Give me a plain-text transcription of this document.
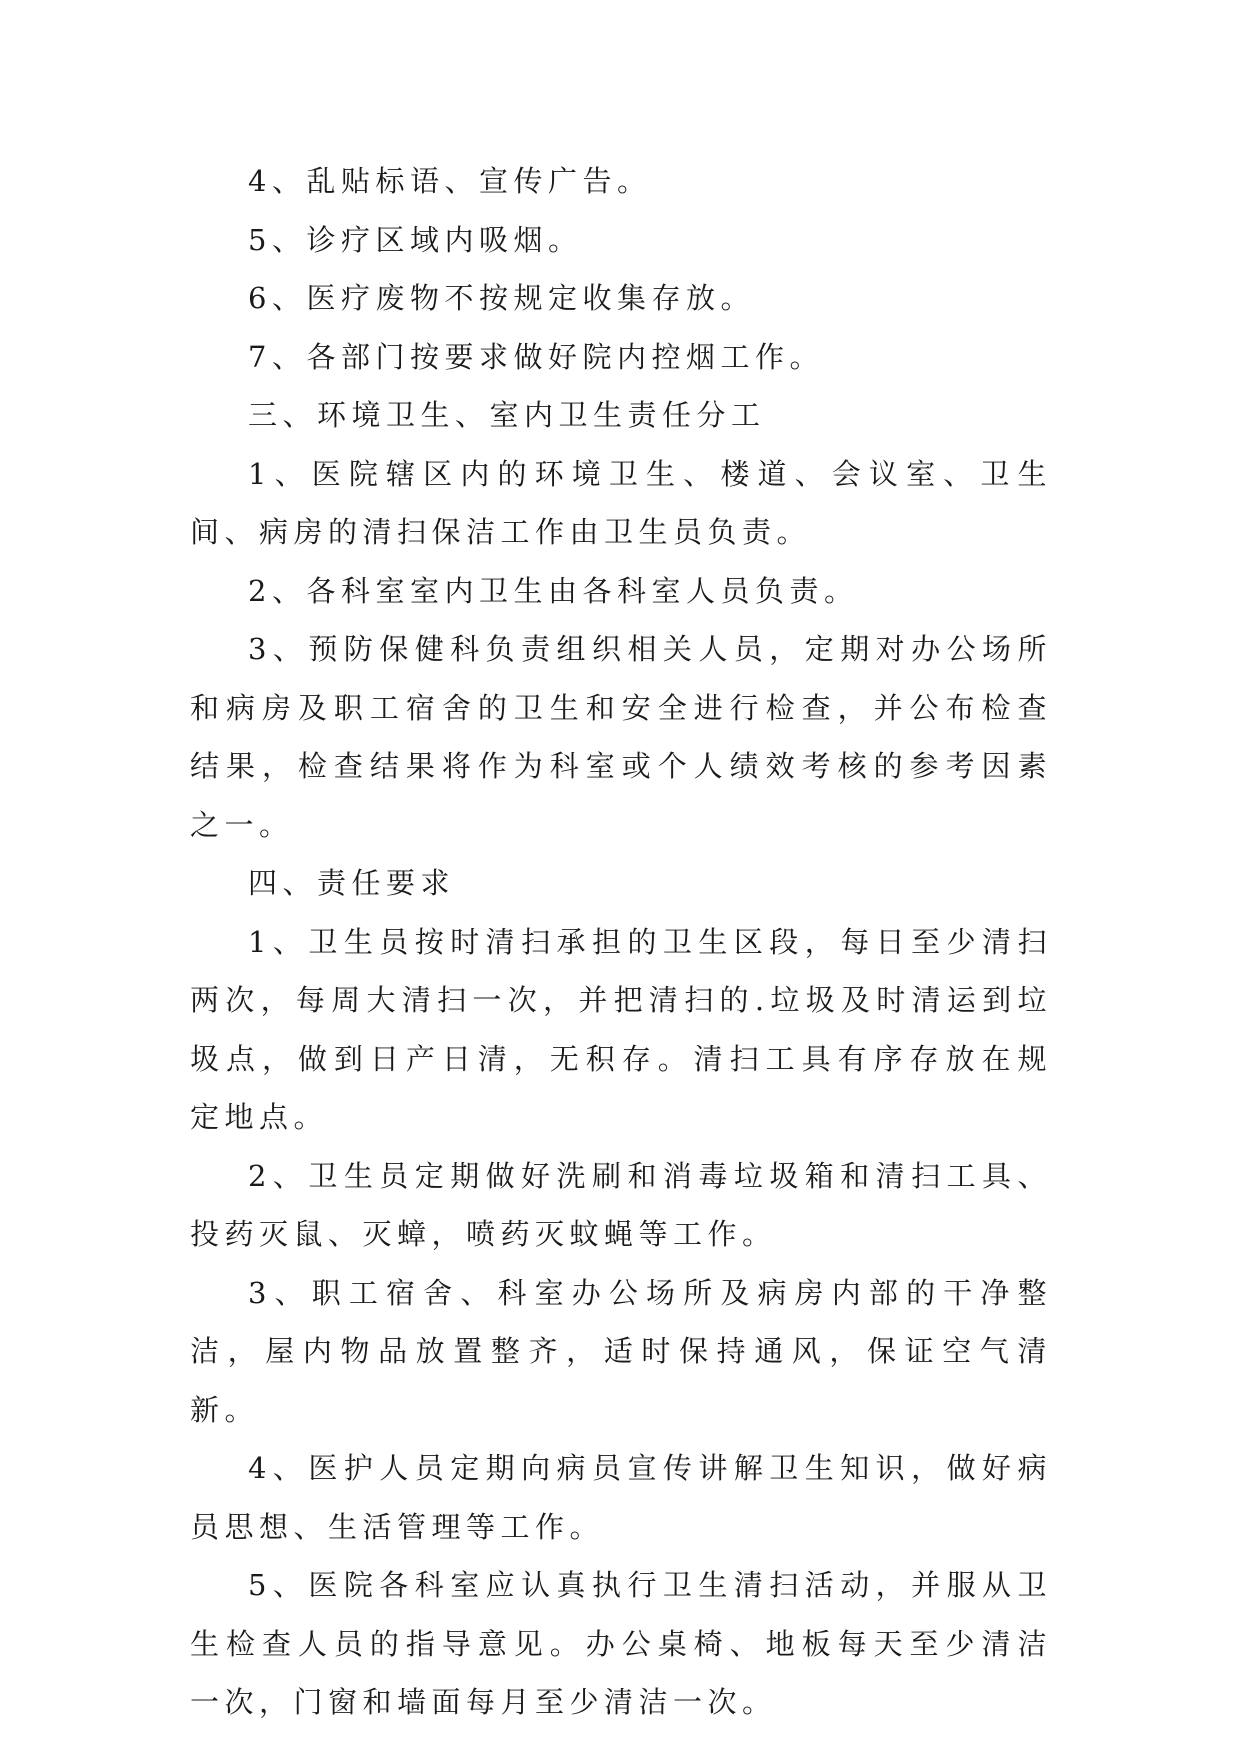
4、乱贴标语、宣传广告。

5、诊疗区域内吸烟。

6、医疗废物不按规定收集存放。

7、各部门按要求做好院内控烟工作。

三、环境卫生、室内卫生责任分工

1、医院辖区内的环境卫生、楼道、会议室、卫生间、病房的清扫保洁工作由卫生员负责。

2、各科室室内卫生由各科室人员负责。

3、预防保健科负责组织相关人员，定期对办公场所和病房及职工宿舍的卫生和安全进行检查，并公布检查结果，检查结果将作为科室或个人绩效考核的参考因素之一。

四、责任要求

1、卫生员按时清扫承担的卫生区段，每日至少清扫两次，每周大清扫一次，并把清扫的.垃圾及时清运到垃圾点，做到日产日清，无积存。清扫工具有序存放在规定地点。

2、卫生员定期做好洗刷和消毒垃圾箱和清扫工具、投药灭鼠、灭蟑，喷药灭蚊蝇等工作。

3、职工宿舍、科室办公场所及病房内部的干净整洁，屋内物品放置整齐，适时保持通风，保证空气清新。

4、医护人员定期向病员宣传讲解卫生知识，做好病员思想、生活管理等工作。

5、医院各科室应认真执行卫生清扫活动，并服从卫生检查人员的指导意见。办公桌椅、地板每天至少清洁一次，门窗和墙面每月至少清洁一次。
